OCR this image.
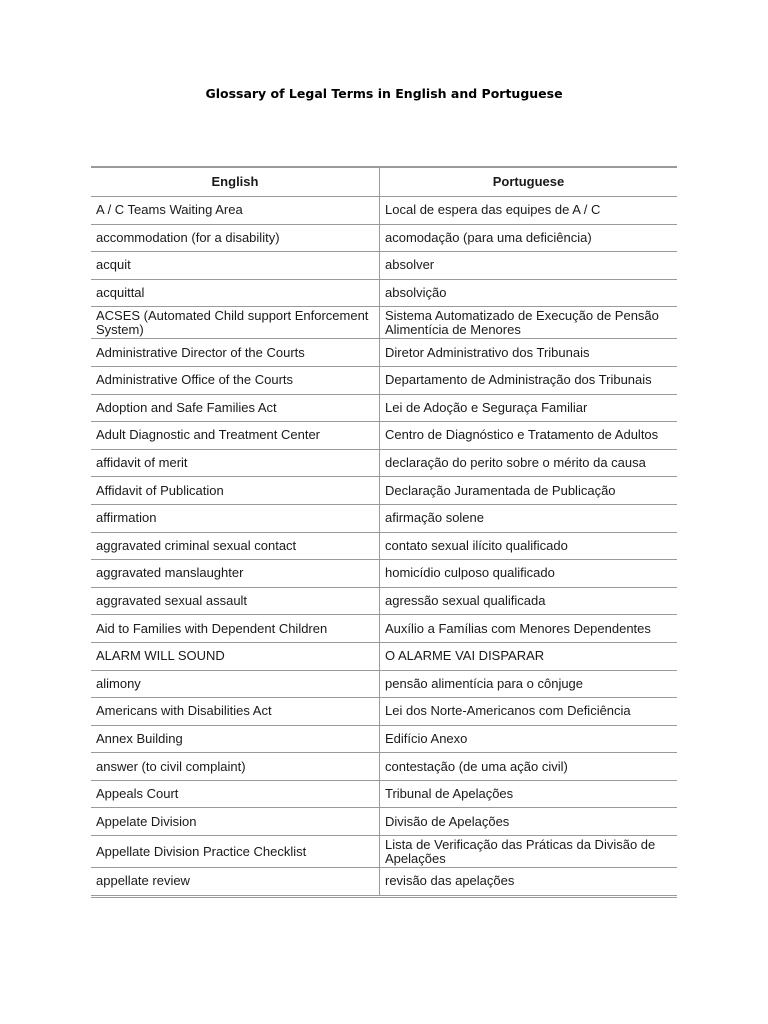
Glossary of Legal Terms in English and Portuguese
English	Portuguese
A / C Teams Waiting Area	Local de espera das equipes de A / C
accommodation (for a disability)	acomodação (para uma deficiência)
acquit	absolver
acquittal	absolvição
ACSES (Automated Child support Enforcement System)	Sistema Automatizado de Execução de Pensão Alimentícia de Menores
Administrative Director of the Courts	Diretor Administrativo dos Tribunais
Administrative Office of the Courts	Departamento de Administração dos Tribunais
Adoption and Safe Families Act	Lei de Adoção e Seguraça Familiar
Adult Diagnostic and Treatment Center	Centro de Diagnóstico e Tratamento de Adultos
affidavit of merit	declaração do perito sobre o mérito da causa
Affidavit of Publication	Declaração Juramentada de Publicação
affirmation	afirmação solene
aggravated criminal sexual contact	contato sexual ilícito qualificado
aggravated manslaughter	homicídio culposo qualificado
aggravated sexual assault	agressão sexual qualificada
Aid to Families with Dependent Children	Auxílio a Famílias com Menores Dependentes
ALARM WILL SOUND	O ALARME VAI DISPARAR
alimony	pensão alimentícia para o cônjuge
Americans with Disabilities Act	Lei dos Norte-Americanos com Deficiência
Annex Building	Edifício Anexo
answer (to civil complaint)	contestação (de uma ação civil)
Appeals Court	Tribunal de Apelações
Appelate Division	Divisão de Apelações
Appellate Division Practice Checklist	Lista de Verificação das Práticas da Divisão de Apelações
appellate review	revisão das apelações
